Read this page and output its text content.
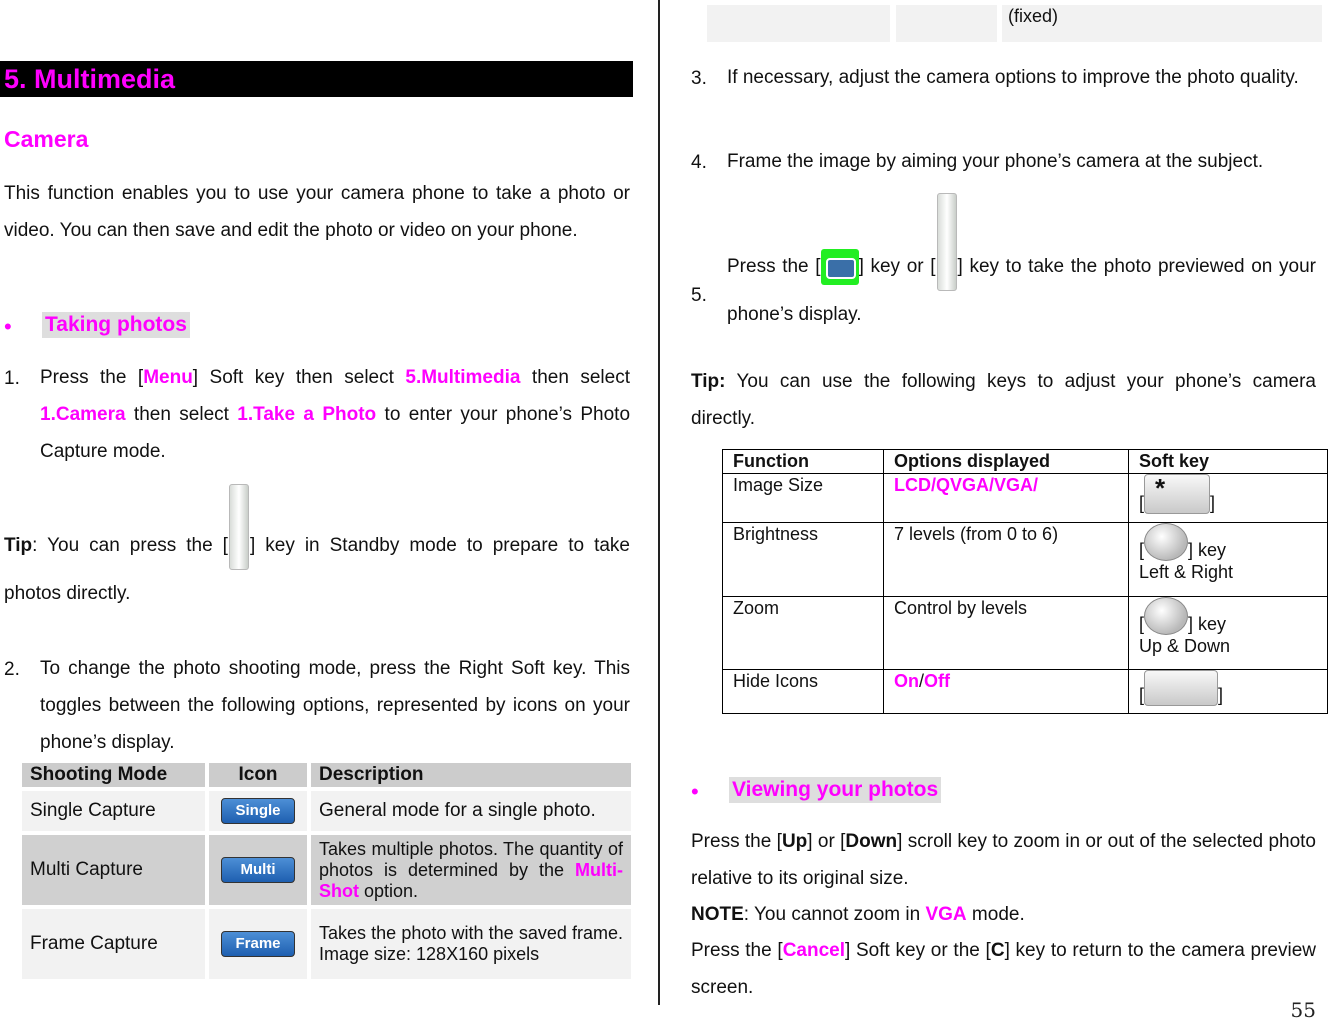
5. Multimedia
Camera
This function enables you to use your camera phone to take a photo or video. You can then save and edit the photo or video on your phone.
• Taking photos
1. Press the [Menu] Soft key then select 5.Multimedia then select 1.Camera then select 1.Take a Photo to enter your phone’s Photo Capture mode.
Tip: You can press the [ ] key in Standby mode to prepare to take photos directly.
2. To change the photo shooting mode, press the Right Soft key. This toggles between the following options, represented by icons on your phone’s display.
Shooting Mode	Icon	Description
Single Capture	Single	General mode for a single photo.
Multi Capture	Multi	Takes multiple photos. The quantity of photos is determined by the Multi-Shot option.
Frame Capture	Frame	Takes the photo with the saved frame. Image size: 128X160 pixels
(fixed)
3. If necessary, adjust the camera options to improve the photo quality.
4. Frame the image by aiming your phone’s camera at the subject.
5.
Press the [ ] key or [ ] key to take the photo previewed on your phone’s display.
Tip: You can use the following keys to adjust your phone’s camera directly.
Function	Options displayed	Soft key
Image Size	LCD/QVGA/VGA/	[ * ]
Brightness	7 levels (from 0 to 6)	[ ] key
Left & Right
Zoom	Control by levels	[ ] key
Up & Down
Hide Icons	On/Off	[ ]
• Viewing your photos
Press the [Up] or [Down] scroll key to zoom in or out of the selected photo relative to its original size.
NOTE: You cannot zoom in VGA mode.
Press the [Cancel] Soft key or the [C] key to return to the camera preview screen.
55
